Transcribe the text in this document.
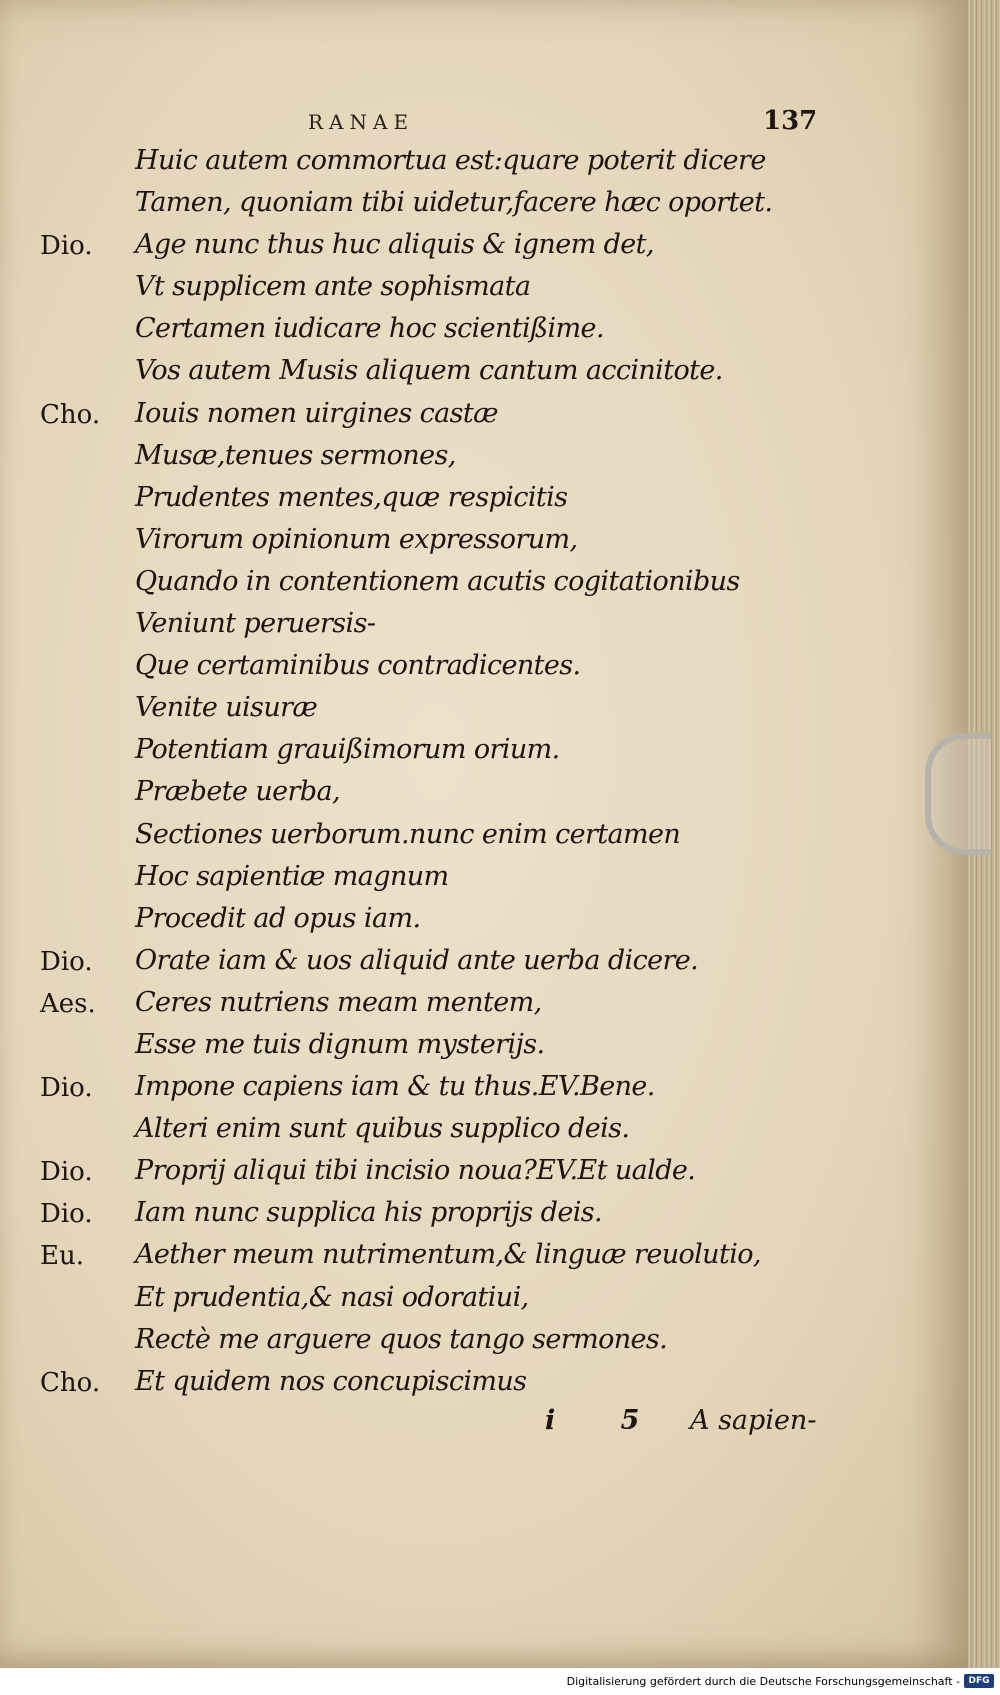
RANAE	137
Huic autem commortua est:quare poterit dicere
Tamen, quoniam tibi uidetur,facere hæc oportet.
Dio. Age nunc thus huc aliquis & ignem det,
Vt supplicem ante sophismata
Certamen iudicare hoc scientißime.
Vos autem Musis aliquem cantum accinitote.
Cho. Iouis nomen uirgines castæ
Musæ,tenues sermones,
Prudentes mentes,quæ respicitis
Virorum opinionum expressorum,
Quando in contentionem acutis cogitationibus
Veniunt peruersis-
Que certaminibus contradicentes.
Venite uisuræ
Potentiam grauißimorum orium.
Præbete uerba,
Sectiones uerborum.nunc enim certamen
Hoc sapientiæ magnum
Procedit ad opus iam.
Dio. Orate iam & uos aliquid ante uerba dicere.
Aes. Ceres nutriens meam mentem,
Esse me tuis dignum mysterijs.
Dio. Impone capiens iam & tu thus.EV.Bene.
Alteri enim sunt quibus supplico deis.
Dio. Proprij aliqui tibi incisio noua?EV.Et ualde.
Dio. Iam nunc supplica his proprijs deis.
Eu. Aether meum nutrimentum,& linguæ reuolutio,
Et prudentia,& nasi odoratiui,
Rectè me arguere quos tango sermones.
Cho. Et quidem nos concupiscimus
i 5 A sapien-
Digitalisierung gefördert durch die Deutsche Forschungsgemeinschaft - DFG
